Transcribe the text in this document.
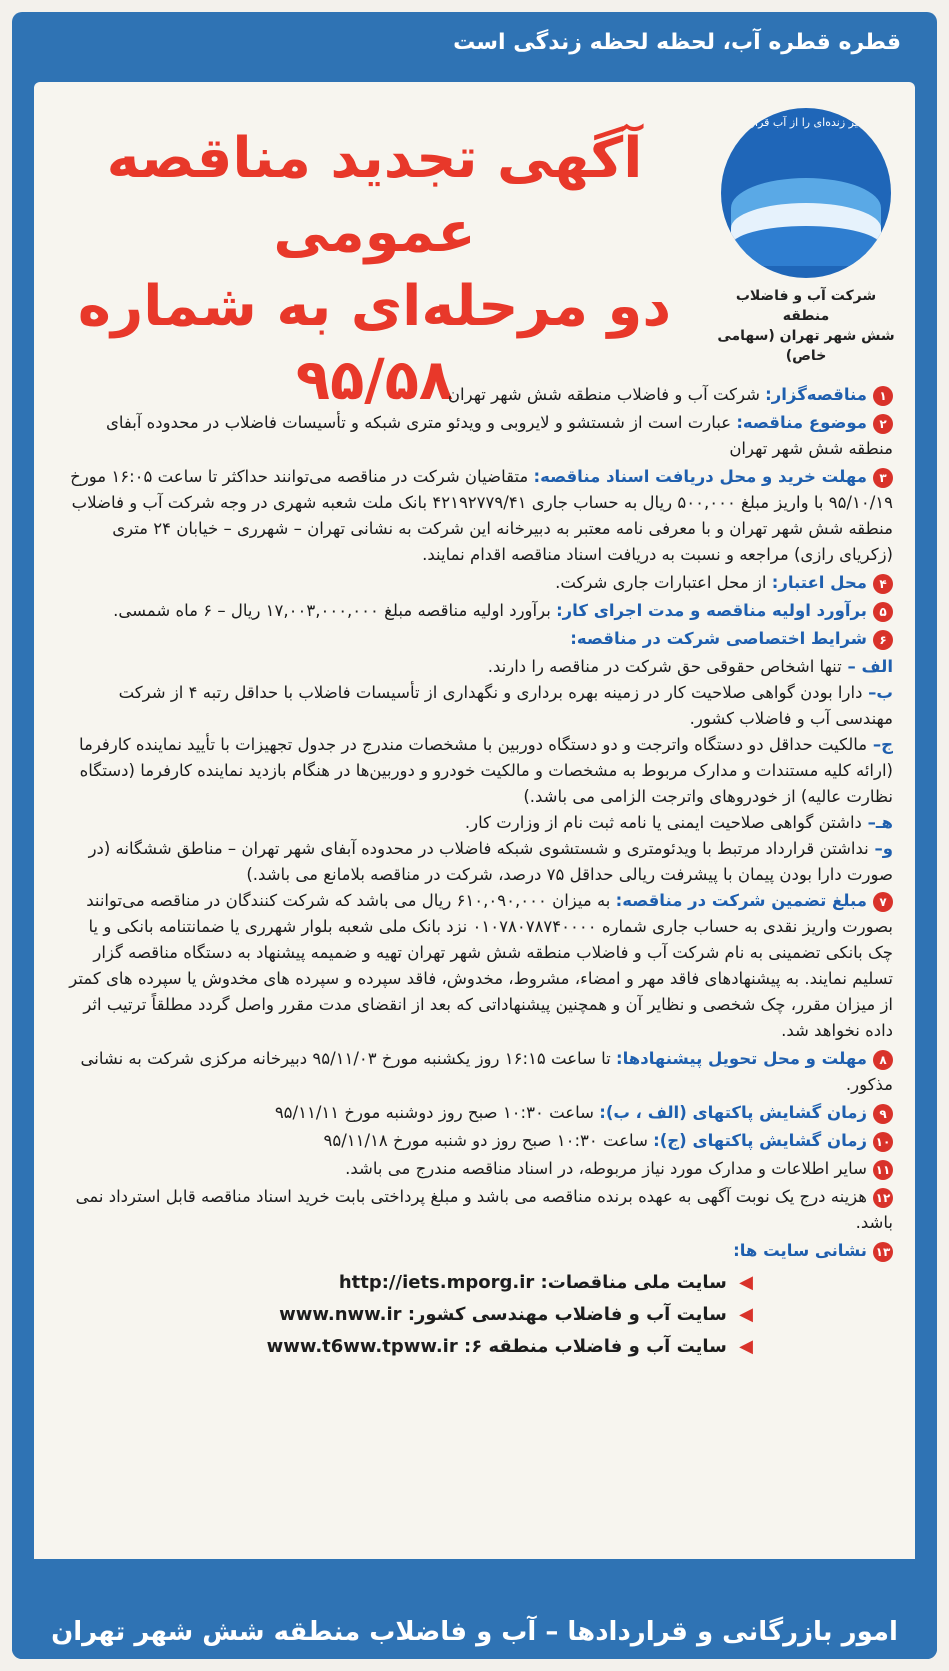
قطره قطره آب، لحظه لحظه زندگی است
ز هر چیز زنده‌ای را از آب قرار دادیم
شرکت آب و فاضلاب منطقه
شش شهر تهران (سهامی خاص)
آگهی تجدید مناقصه عمومی
دو مرحله‌ای به شماره ۹۵/۵۸	۱مناقصه‌گزار: شرکت آب و فاضلاب منطقه شش شهر تهران
۲موضوع مناقصه: عبارت است از شستشو و لایروبی و ویدئو متری شبکه و تأسیسات فاضلاب در محدوده آبفای منطقه شش شهر تهران
۳مهلت خرید و محل دریافت اسناد مناقصه: متقاضیان شرکت در مناقصه می‌توانند حداکثر تا ساعت ۱۶:۰۵ مورخ ۹۵/۱۰/۱۹ با واریز مبلغ ۵۰۰,۰۰۰ ریال به حساب جاری ۴۲۱۹۲۷۷۹/۴۱ بانک ملت شعبه شهری در وجه شرکت آب و فاضلاب منطقه شش شهر تهران و با معرفی نامه معتبر به دبیرخانه این شرکت به نشانی تهران – شهرری – خیابان ۲۴ متری (زکریای رازی) مراجعه و نسبت به دریافت اسناد مناقصه اقدام نمایند.
۴محل اعتبار: از محل اعتبارات جاری شرکت.
۵برآورد اولیه مناقصه و مدت اجرای کار: برآورد اولیه مناقصه مبلغ ۱۷,۰۰۳,۰۰۰,۰۰۰ ریال – ۶ ماه شمسی.
۶شرایط اختصاصی شرکت در مناقصه:
الف – تنها اشخاص حقوقی حق شرکت در مناقصه را دارند.
ب– دارا بودن گواهی صلاحیت کار در زمینه بهره برداری و نگهداری از تأسیسات فاضلاب با حداقل رتبه ۴ از شرکت مهندسی آب و فاضلاب کشور.
ج– مالکیت حداقل دو دستگاه واترجت و دو دستگاه دوربین با مشخصات مندرج در جدول تجهیزات با تأیید نماینده کارفرما (ارائه کلیه مستندات و مدارک مربوط به مشخصات و مالکیت خودرو و دوربین‌ها در هنگام بازدید نماینده کارفرما (دستگاه نظارت عالیه) از خودروهای واترجت الزامی می باشد.)
هـ– داشتن گواهی صلاحیت ایمنی یا نامه ثبت نام از وزارت کار.
و– نداشتن قرارداد مرتبط با ویدئومتری و شستشوی شبکه فاضلاب در محدوده آبفای شهر تهران – مناطق ششگانه (در صورت دارا بودن پیمان با پیشرفت ریالی حداقل ۷۵ درصد، شرکت در مناقصه بلامانع می باشد.)
۷مبلغ تضمین شرکت در مناقصه: به میزان ۶۱۰,۰۹۰,۰۰۰ ریال می باشد که شرکت کنندگان در مناقصه می‌توانند بصورت واریز نقدی به حساب جاری شماره ۰۱۰۷۸۰۷۸۷۴۰۰۰۰ نزد بانک ملی شعبه بلوار شهرری یا ضمانتنامه بانکی و یا چک بانکی تضمینی به نام شرکت آب و فاضلاب منطقه شش شهر تهران تهیه و ضمیمه پیشنهاد به دستگاه مناقصه گزار تسلیم نمایند. به پیشنهادهای فاقد مهر و امضاء، مشروط، مخدوش، فاقد سپرده و سپرده های مخدوش یا سپرده های کمتر از میزان مقرر، چک شخصی و نظایر آن و همچنین پیشنهاداتی که بعد از انقضای مدت مقرر واصل گردد مطلقاً ترتیب اثر داده نخواهد شد.
۸مهلت و محل تحویل پیشنهادها: تا ساعت ۱۶:۱۵ روز یکشنبه مورخ ۹۵/۱۱/۰۳ دبیرخانه مرکزی شرکت به نشانی مذکور.
۹زمان گشایش پاکتهای (الف ، ب): ساعت ۱۰:۳۰ صبح روز دوشنبه مورخ ۹۵/۱۱/۱۱
۱۰زمان گشایش پاکتهای (ج): ساعت ۱۰:۳۰ صبح روز دو شنبه مورخ ۹۵/۱۱/۱۸
۱۱سایر اطلاعات و مدارک مورد نیاز مربوطه، در اسناد مناقصه مندرج می باشد.
۱۲هزینه درج یک نوبت آگهی به عهده برنده مناقصه می باشد و مبلغ پرداختی بابت خرید اسناد مناقصه قابل استرداد نمی باشد.
۱۳نشانی سایت ها:
◀ سایت ملی مناقصات: http://iets.mporg.ir
◀ سایت آب و فاضلاب مهندسی کشور: www.nww.ir
◀ سایت آب و فاضلاب منطقه ۶: www.t6ww.tpww.ir
امور بازرگانی و قراردادها – آب و فاضلاب منطقه شش شهر تهران
